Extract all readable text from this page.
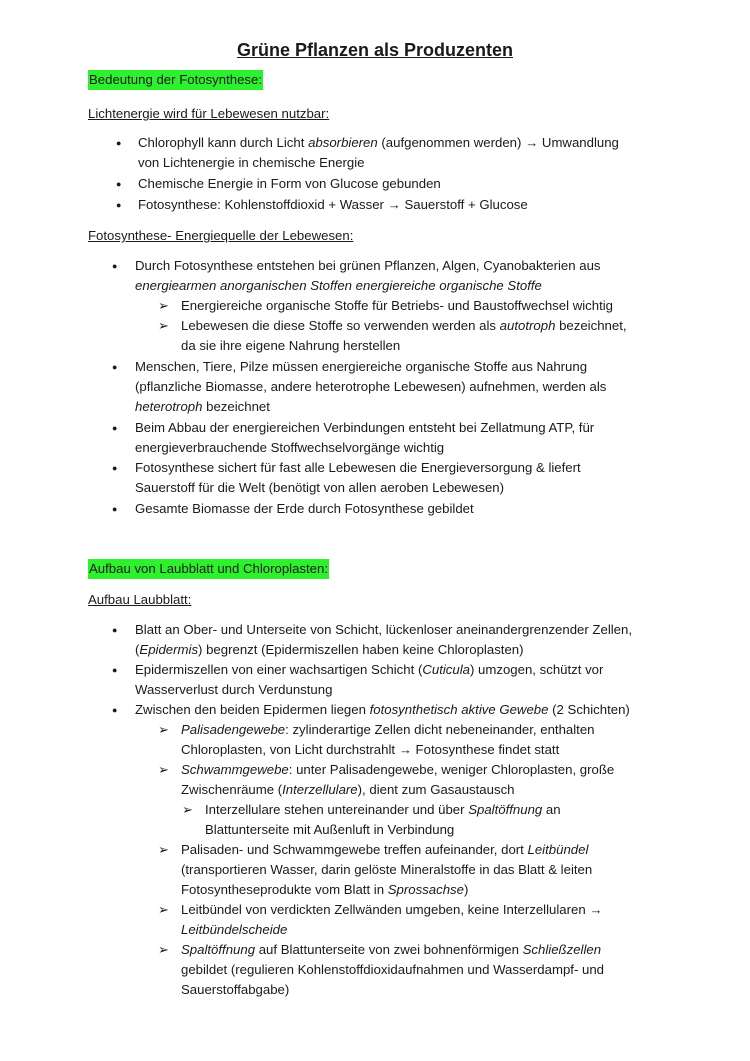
Grüne Pflanzen als Produzenten
Bedeutung der Fotosynthese:
Lichtenergie wird für Lebewesen nutzbar:
● Chlorophyll kann durch Licht absorbieren (aufgenommen werden) → Umwandlung
von Lichtenergie in chemische Energie
● Chemische Energie in Form von Glucose gebunden
● Fotosynthese: Kohlenstoffdioxid + Wasser → Sauerstoff + Glucose
Fotosynthese- Energiequelle der Lebewesen:
● Durch Fotosynthese entstehen bei grünen Pflanzen, Algen, Cyanobakterien aus
energiearmen anorganischen Stoffen energiereiche organische Stoffe
➢ Energiereiche organische Stoffe für Betriebs- und Baustoffwechsel wichtig
➢ Lebewesen die diese Stoffe so verwenden werden als autotroph bezeichnet,
da sie ihre eigene Nahrung herstellen
● Menschen, Tiere, Pilze müssen energiereiche organische Stoffe aus Nahrung
(pflanzliche Biomasse, andere heterotrophe Lebewesen) aufnehmen, werden als
heterotroph bezeichnet
● Beim Abbau der energiereichen Verbindungen entsteht bei Zellatmung ATP, für
energieverbrauchende Stoffwechselvorgänge wichtig
● Fotosynthese sichert für fast alle Lebewesen die Energieversorgung & liefert
Sauerstoff für die Welt (benötigt von allen aeroben Lebewesen)
● Gesamte Biomasse der Erde durch Fotosynthese gebildet
Aufbau von Laubblatt und Chloroplasten:
Aufbau Laubblatt:
● Blatt an Ober- und Unterseite von Schicht, lückenloser aneinandergrenzender Zellen,
(Epidermis) begrenzt (Epidermiszellen haben keine Chloroplasten)
● Epidermiszellen von einer wachsartigen Schicht (Cuticula) umzogen, schützt vor
Wasserverlust durch Verdunstung
● Zwischen den beiden Epidermen liegen fotosynthetisch aktive Gewebe (2 Schichten)
➢ Palisadengewebe: zylinderartige Zellen dicht nebeneinander, enthalten
Chloroplasten, von Licht durchstrahlt → Fotosynthese findet statt
➢ Schwammgewebe: unter Palisadengewebe, weniger Chloroplasten, große
Zwischenräume (Interzellulare), dient zum Gasaustausch
➢ Interzellulare stehen untereinander und über Spaltöffnung an
Blattunterseite mit Außenluft in Verbindung
➢ Palisaden- und Schwammgewebe treffen aufeinander, dort Leitbündel
(transportieren Wasser, darin gelöste Mineralstoffe in das Blatt & leiten
Fotosyntheseprodukte vom Blatt in Sprossachse)
➢ Leitbündel von verdickten Zellwänden umgeben, keine Interzellularen →
Leitbündelscheide
➢ Spaltöffnung auf Blattunterseite von zwei bohnenförmigen Schließzellen
gebildet (regulieren Kohlenstoffdioxidaufnahmen und Wasserdampf- und
Sauerstoffabgabe)
